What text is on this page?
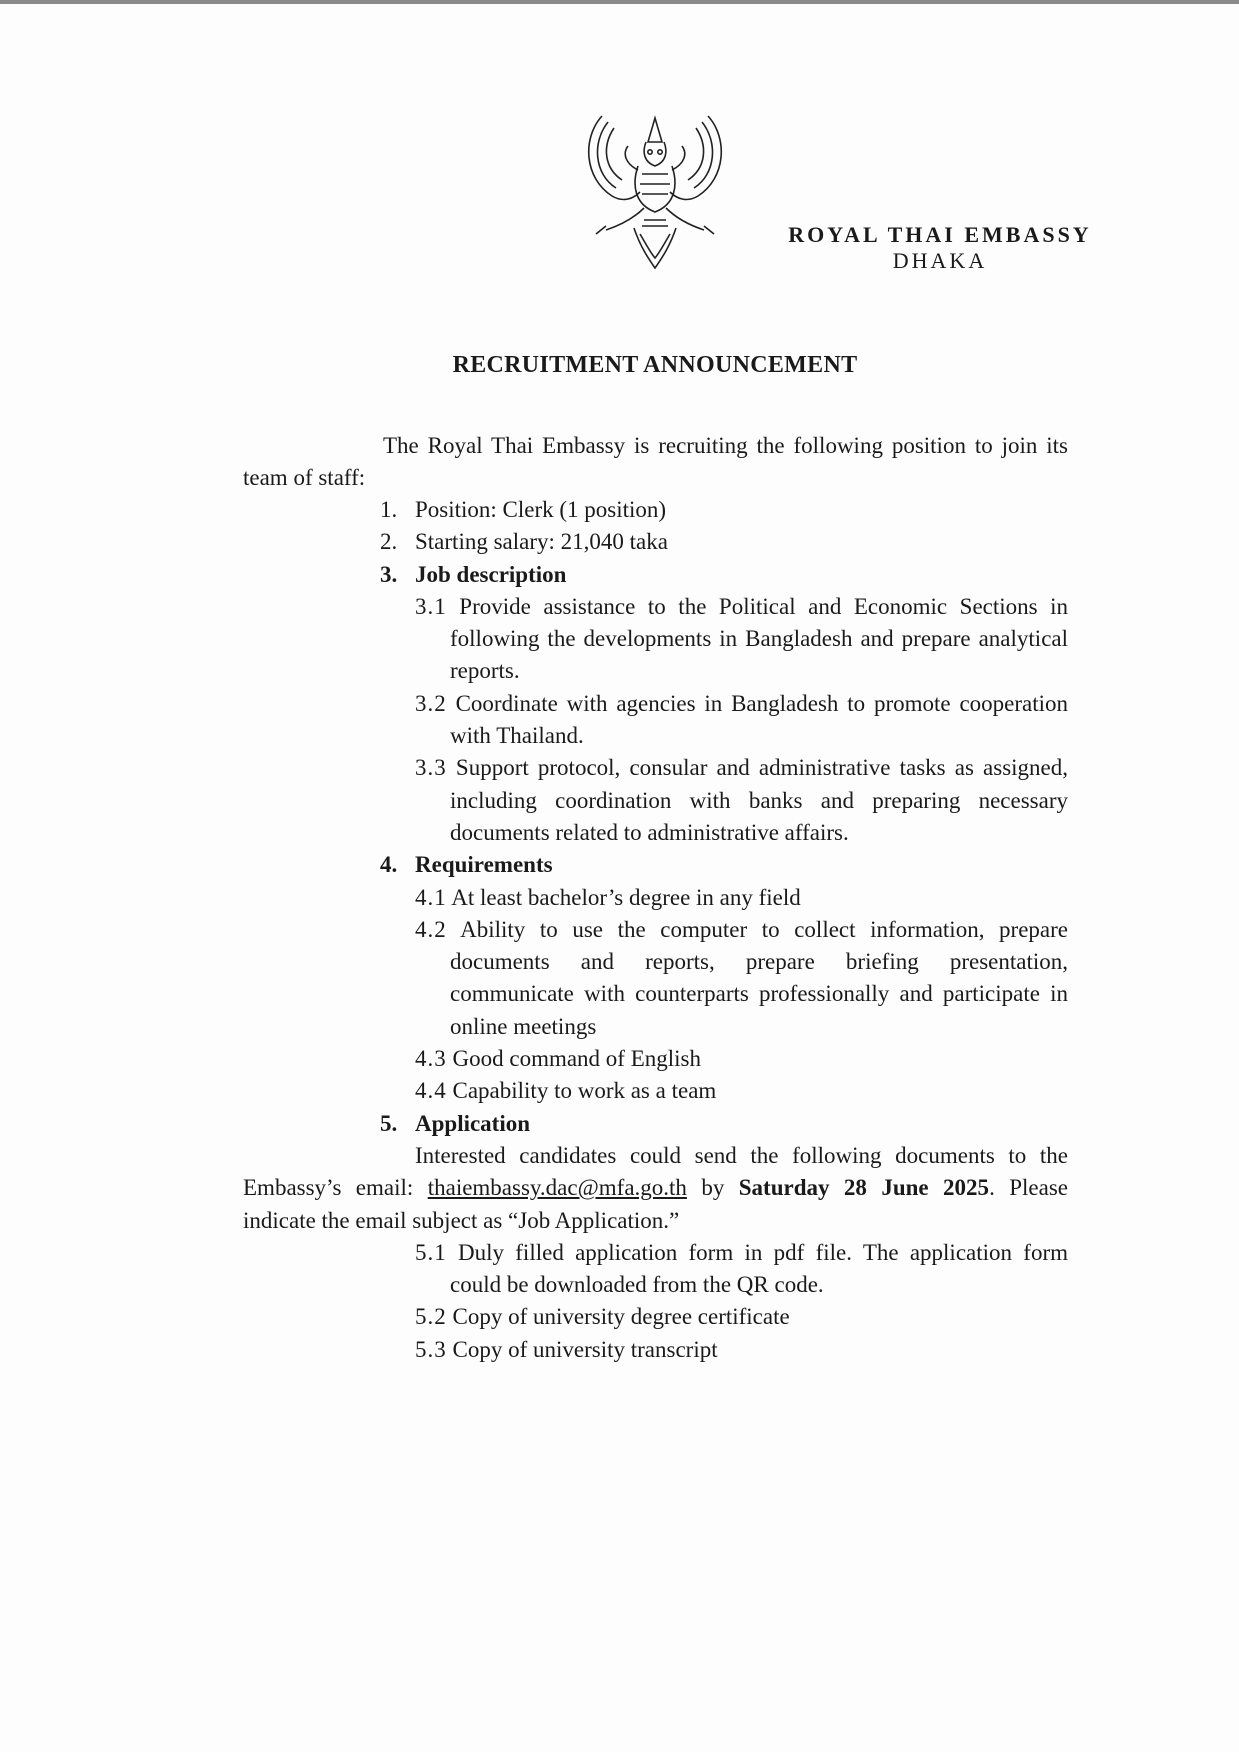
ROYAL THAI EMBASSY
DHAKA
RECRUITMENT ANNOUNCEMENT
The Royal Thai Embassy is recruiting the following position to join its team of staff:
1. Position: Clerk (1 position)
2. Starting salary: 21,040 taka
3. Job description
3.1 Provide assistance to the Political and Economic Sections in following the developments in Bangladesh and prepare analytical reports.
3.2 Coordinate with agencies in Bangladesh to promote cooperation with Thailand.
3.3 Support protocol, consular and administrative tasks as assigned, including coordination with banks and preparing necessary documents related to administrative affairs.
4. Requirements
4.1 At least bachelor’s degree in any field
4.2 Ability to use the computer to collect information, prepare documents and reports, prepare briefing presentation, communicate with counterparts professionally and participate in online meetings
4.3 Good command of English
4.4 Capability to work as a team
5. Application
Interested candidates could send the following documents to the Embassy’s email: thaiembassy.dac@mfa.go.th by Saturday 28 June 2025. Please indicate the email subject as “Job Application.”
5.1 Duly filled application form in pdf file. The application form could be downloaded from the QR code.
5.2 Copy of university degree certificate
5.3 Copy of university transcript
